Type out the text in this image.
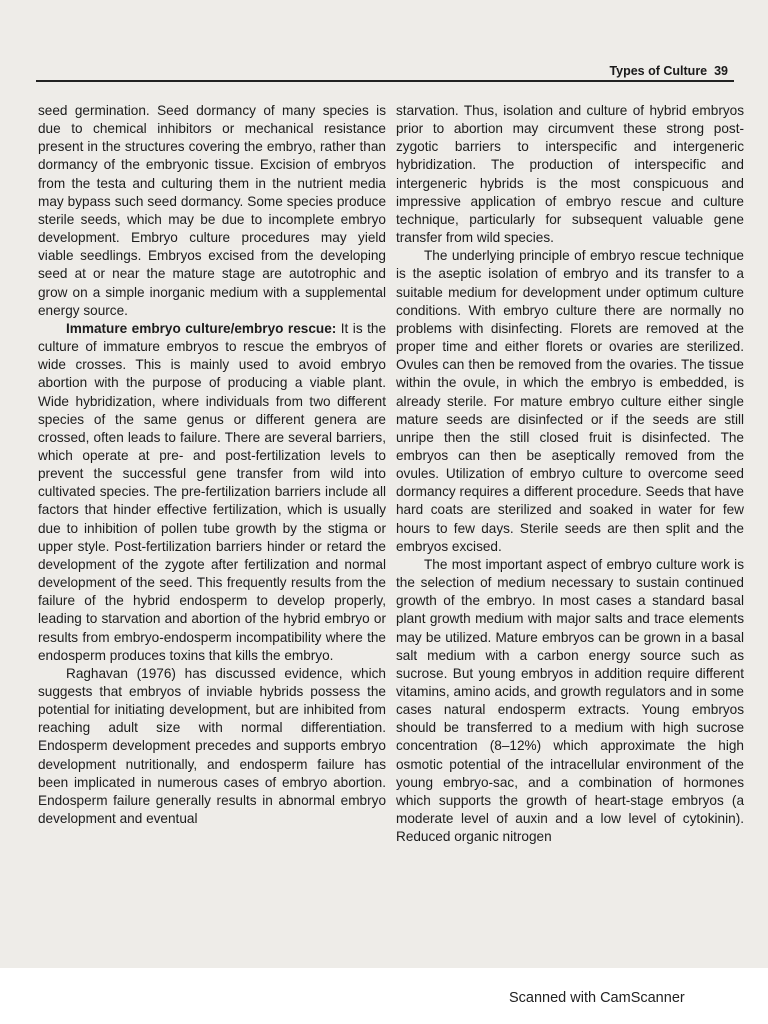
Types of Culture 39

seed germination. Seed dormancy of many species is due to chemical inhibitors or mechanical resistance present in the structures covering the embryo, rather than dormancy of the embryonic tissue. Excision of embryos from the testa and culturing them in the nutrient media may bypass such seed dormancy. Some species produce sterile seeds, which may be due to incomplete embryo development. Embryo culture procedures may yield viable seedlings. Embryos excised from the developing seed at or near the mature stage are autotrophic and grow on a simple inorganic medium with a supplemental energy source.

Immature embryo culture/embryo rescue: It is the culture of immature embryos to rescue the embryos of wide crosses. This is mainly used to avoid embryo abortion with the purpose of producing a viable plant. Wide hybridization, where individuals from two different species of the same genus or different genera are crossed, often leads to failure. There are several barriers, which operate at pre- and post-fertilization levels to prevent the successful gene transfer from wild into cultivated species. The pre-fertilization barriers include all factors that hinder effective fertilization, which is usually due to inhibition of pollen tube growth by the stigma or upper style. Post-fertilization barriers hinder or retard the development of the zygote after fertilization and normal development of the seed. This frequently results from the failure of the hybrid endosperm to develop properly, leading to starvation and abortion of the hybrid embryo or results from embryo-endosperm incompatibility where the endosperm produces toxins that kills the embryo.

Raghavan (1976) has discussed evidence, which suggests that embryos of inviable hybrids possess the potential for initiating development, but are inhibited from reaching adult size with normal differentiation. Endosperm development precedes and supports embryo development nutritionally, and endosperm failure has been implicated in numerous cases of embryo abortion. Endosperm failure generally results in abnormal embryo development and eventual

starvation. Thus, isolation and culture of hybrid embryos prior to abortion may circumvent these strong post-zygotic barriers to interspecific and intergeneric hybridization. The production of interspecific and intergeneric hybrids is the most conspicuous and impressive application of embryo rescue and culture technique, particularly for subsequent valuable gene transfer from wild species.

The underlying principle of embryo rescue technique is the aseptic isolation of embryo and its transfer to a suitable medium for development under optimum culture conditions. With embryo culture there are normally no problems with disinfecting. Florets are removed at the proper time and either florets or ovaries are sterilized. Ovules can then be removed from the ovaries. The tissue within the ovule, in which the embryo is embedded, is already sterile. For mature embryo culture either single mature seeds are disinfected or if the seeds are still unripe then the still closed fruit is disinfected. The embryos can then be aseptically removed from the ovules. Utilization of embryo culture to overcome seed dormancy requires a different procedure. Seeds that have hard coats are sterilized and soaked in water for few hours to few days. Sterile seeds are then split and the embryos excised.

The most important aspect of embryo culture work is the selection of medium necessary to sustain continued growth of the embryo. In most cases a standard basal plant growth medium with major salts and trace elements may be utilized. Mature embryos can be grown in a basal salt medium with a carbon energy source such as sucrose. But young embryos in addition require different vitamins, amino acids, and growth regulators and in some cases natural endosperm extracts. Young embryos should be transferred to a medium with high sucrose concentration (8–12%) which approximate the high osmotic potential of the intracellular environment of the young embryo-sac, and a combination of hormones which supports the growth of heart-stage embryos (a moderate level of auxin and a low level of cytokinin). Reduced organic nitrogen

Scanned with CamScanner
